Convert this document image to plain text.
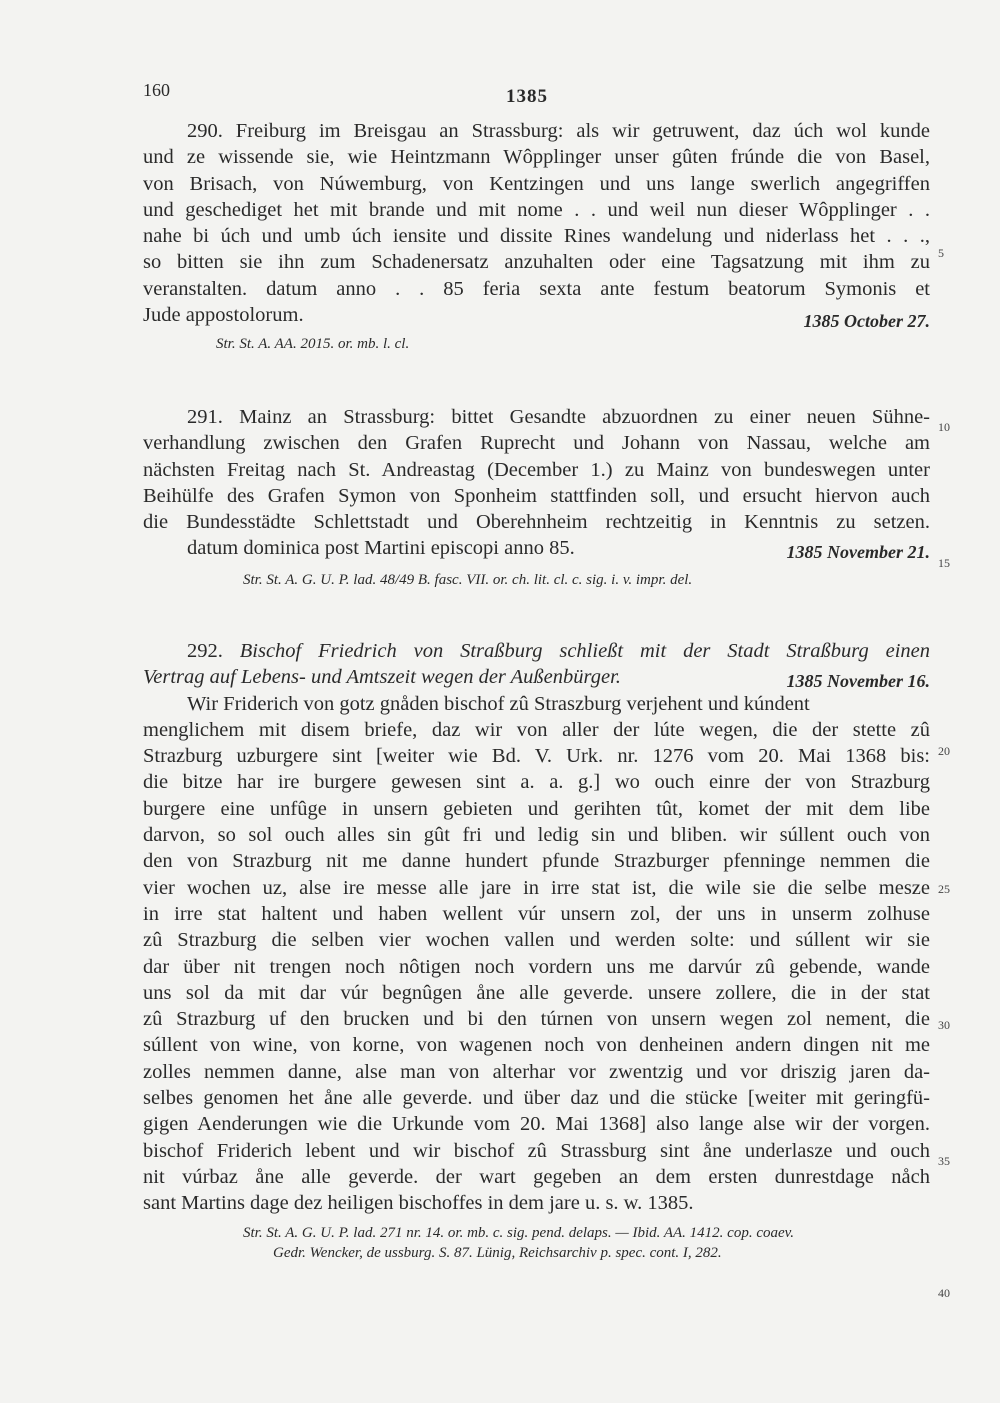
160	1385
290. Freiburg im Breisgau an Strassburg: als wir getruwent, daz úch wol kunde
und ze wissende sie, wie Heintzmann Wôpplinger unser gûten frúnde die von Basel,
von Brisach, von Núwemburg, von Kentzingen und uns lange swerlich angegriffen
und geschediget het mit brande und mit nome . . und weil nun dieser Wôpplinger . .
nahe bi úch und umb úch iensite und dissite Rines wandelung und niderlass het . . .,
so bitten sie ihn zum Schadenersatz anzuhalten oder eine Tagsatzung mit ihm zu
veranstalten. datum anno . . 85 feria sexta ante festum beatorum Symonis et
Jude appostolorum.	1385 October 27.
Str. St. A. AA. 2015. or. mb. l. cl.
291. Mainz an Strassburg: bittet Gesandte abzuordnen zu einer neuen Sühne-
verhandlung zwischen den Grafen Ruprecht und Johann von Nassau, welche am
nächsten Freitag nach St. Andreastag (December 1.) zu Mainz von bundeswegen unter
Beihülfe des Grafen Symon von Sponheim stattfinden soll, und ersucht hiervon auch
die Bundesstädte Schlettstadt und Oberehnheim rechtzeitig in Kenntnis zu setzen.
datum dominica post Martini episcopi anno 85.	1385 November 21.
Str. St. A. G. U. P. lad. 48/49 B. fasc. VII. or. ch. lit. cl. c. sig. i. v. impr. del.
292. Bischof Friedrich von Straßburg schließt mit der Stadt Straßburg einen
Vertrag auf Lebens- und Amtszeit wegen der Außenbürger.	1385 November 16.
Wir Friderich von gotz gnåden bischof zû Straszburg verjehent und kúndent
menglichem mit disem briefe, daz wir von aller der lúte wegen, die der stette zû
Strazburg uzburgere sint [weiter wie Bd. V. Urk. nr. 1276 vom 20. Mai 1368 bis:
die bitze har ire burgere gewesen sint a. a. g.] wo ouch einre der von Strazburg
burgere eine unfûge in unsern gebieten und gerihten tût, komet der mit dem libe
darvon, so sol ouch alles sin gût fri und ledig sin und bliben. wir súllent ouch von
den von Strazburg nit me danne hundert pfunde Strazburger pfenninge nemmen die
vier wochen uz, alse ire messe alle jare in irre stat ist, die wile sie die selbe mesze
in irre stat haltent und haben wellent vúr unsern zol, der uns in unserm zolhuse
zû Strazburg die selben vier wochen vallen und werden solte: und súllent wir sie
dar über nit trengen noch nôtigen noch vordern uns me darvúr zû gebende, wande
uns sol da mit dar vúr begnûgen åne alle geverde. unsere zollere, die in der stat
zû Strazburg uf den brucken und bi den túrnen von unsern wegen zol nement, die
súllent von wine, von korne, von wagenen noch von denheinen andern dingen nit me
zolles nemmen danne, alse man von alterhar vor zwentzig und vor driszig jaren da-
selbes genomen het åne alle geverde. und über daz und die stücke [weiter mit geringfü-
gigen Aenderungen wie die Urkunde vom 20. Mai 1368] also lange alse wir der vorgen.
bischof Friderich lebent und wir bischof zû Strassburg sint åne underlasze und ouch
nit vúrbaz åne alle geverde. der wart gegeben an dem ersten dunrestdage nåch
sant Martins dage dez heiligen bischoffes in dem jare u. s. w. 1385.
Str. St. A. G. U. P. lad. 271 nr. 14. or. mb. c. sig. pend. delaps. — Ibid. AA. 1412. cop. coaev.
Gedr. Wencker, de ussburg. S. 87. Lünig, Reichsarchiv p. spec. cont. I, 282.
5
10
15
20
25
30
35
40
